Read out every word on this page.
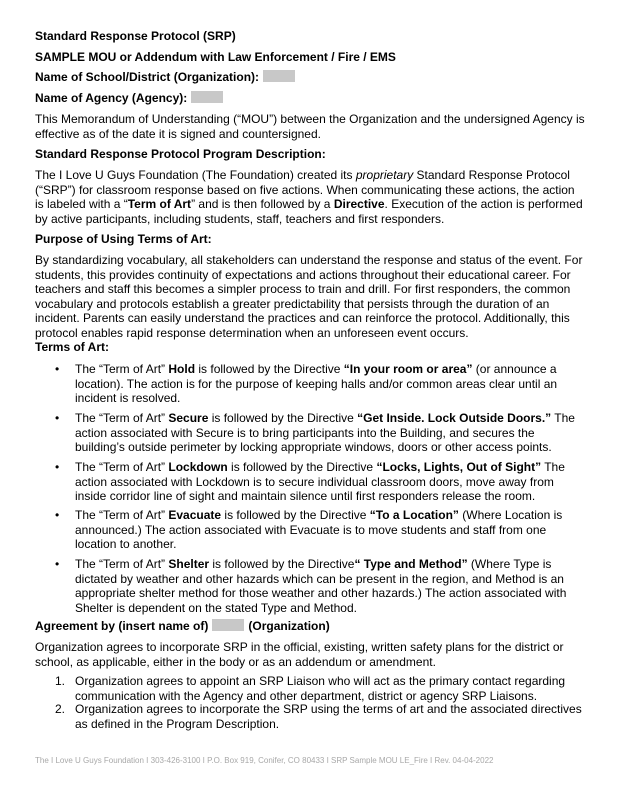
Standard Response Protocol (SRP)
SAMPLE MOU or Addendum with Law Enforcement / Fire / EMS
Name of School/District (Organization):
Name of Agency (Agency):
This Memorandum of Understanding (“MOU”) between the Organization and the undersigned Agency is effective as of the date it is signed and countersigned.
Standard Response Protocol Program Description:
The I Love U Guys Foundation (The Foundation) created its proprietary Standard Response Protocol (“SRP”) for classroom response based on five actions. When communicating these actions, the action is labeled with a “Term of Art” and is then followed by a Directive. Execution of the action is performed by active participants, including students, staff, teachers and first responders.
Purpose of Using Terms of Art:
By standardizing vocabulary, all stakeholders can understand the response and status of the event. For students, this provides continuity of expectations and actions throughout their educational career. For teachers and staff this becomes a simpler process to train and drill. For first responders, the common vocabulary and protocols establish a greater predictability that persists through the duration of an incident. Parents can easily understand the practices and can reinforce the protocol. Additionally, this protocol enables rapid response determination when an unforeseen event occurs.
Terms of Art:
•	The “Term of Art” Hold is followed by the Directive “In your room or area” (or announce a location). The action is for the purpose of keeping halls and/or common areas clear until an incident is resolved.
•	The “Term of Art” Secure is followed by the Directive “Get Inside. Lock Outside Doors.” The action associated with Secure is to bring participants into the Building, and secures the building’s outside perimeter by locking appropriate windows, doors or other access points.
•	The “Term of Art” Lockdown is followed by the Directive “Locks, Lights, Out of Sight” The action associated with Lockdown is to secure individual classroom doors, move away from inside corridor line of sight and maintain silence until first responders release the room.
•	The “Term of Art” Evacuate is followed by the Directive “To a Location” (Where Location is announced.) The action associated with Evacuate is to move students and staff from one location to another.
•	The “Term of Art” Shelter is followed by the Directive“ Type and Method” (Where Type is dictated by weather and other hazards which can be present in the region, and Method is an appropriate shelter method for those weather and other hazards.) The action associated with Shelter is dependent on the stated Type and Method.
Agreement by (insert name of)	(Organization)
Organization agrees to incorporate SRP in the official, existing, written safety plans for the district or school, as applicable, either in the body or as an addendum or amendment.
1. Organization agrees to appoint an SRP Liaison who will act as the primary contact regarding communication with the Agency and other department, district or agency SRP Liaisons.
2. Organization agrees to incorporate the SRP using the terms of art and the associated directives as defined in the Program Description.
The I Love U Guys Foundation I 303-426-3100 I P.O. Box 919, Conifer, CO 80433 I SRP Sample MOU LE_Fire I Rev. 04-04-2022
